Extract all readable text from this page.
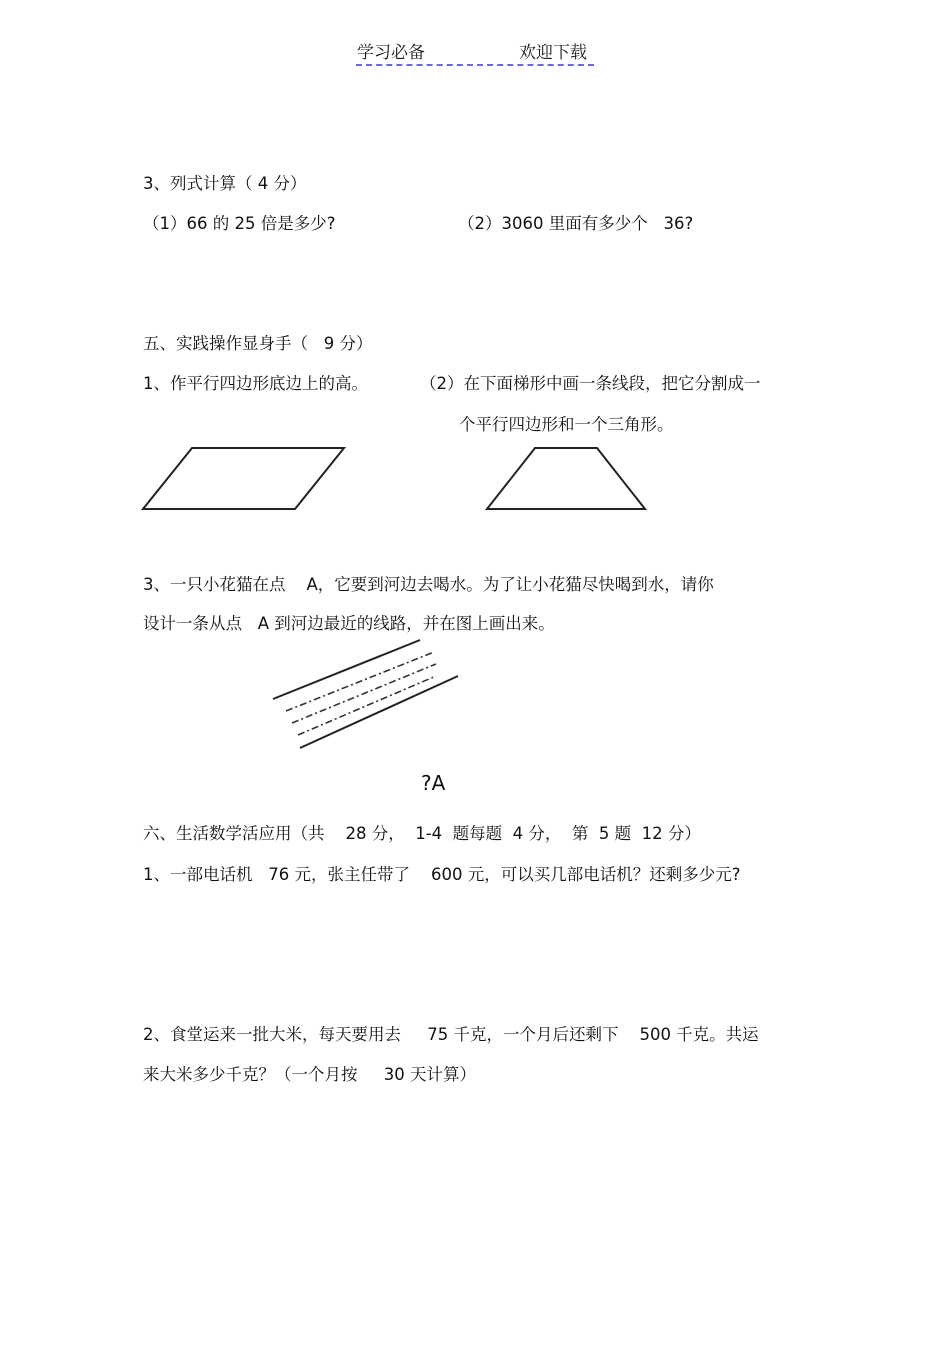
学习必备	欢迎下载
3、列式计算（ 4 分）
（1）66 的 25 倍是多少?	（2）3060 里面有多少个   36?
五、实践操作显身手（   9 分）
1、作平行四边形底边上的高。	（2）在下面梯形中画一条线段，把它分割成一
个平行四边形和一个三角形。
3、一只小花猫在点    A，它要到河边去喝水。为了让小花猫尽快喝到水，请你
设计一条从点   A 到河边最近的线路，并在图上画出来。
?A
六、生活数学活应用（共    28 分，  1-4  题每题  4 分，  第  5 题  12 分）
1、一部电话机   76 元，张主任带了    600 元，可以买几部电话机？还剩多少元?
2、食堂运来一批大米，每天要用去     75 千克，一个月后还剩下    500 千克。共运
来大米多少千克？（一个月按     30 天计算）
